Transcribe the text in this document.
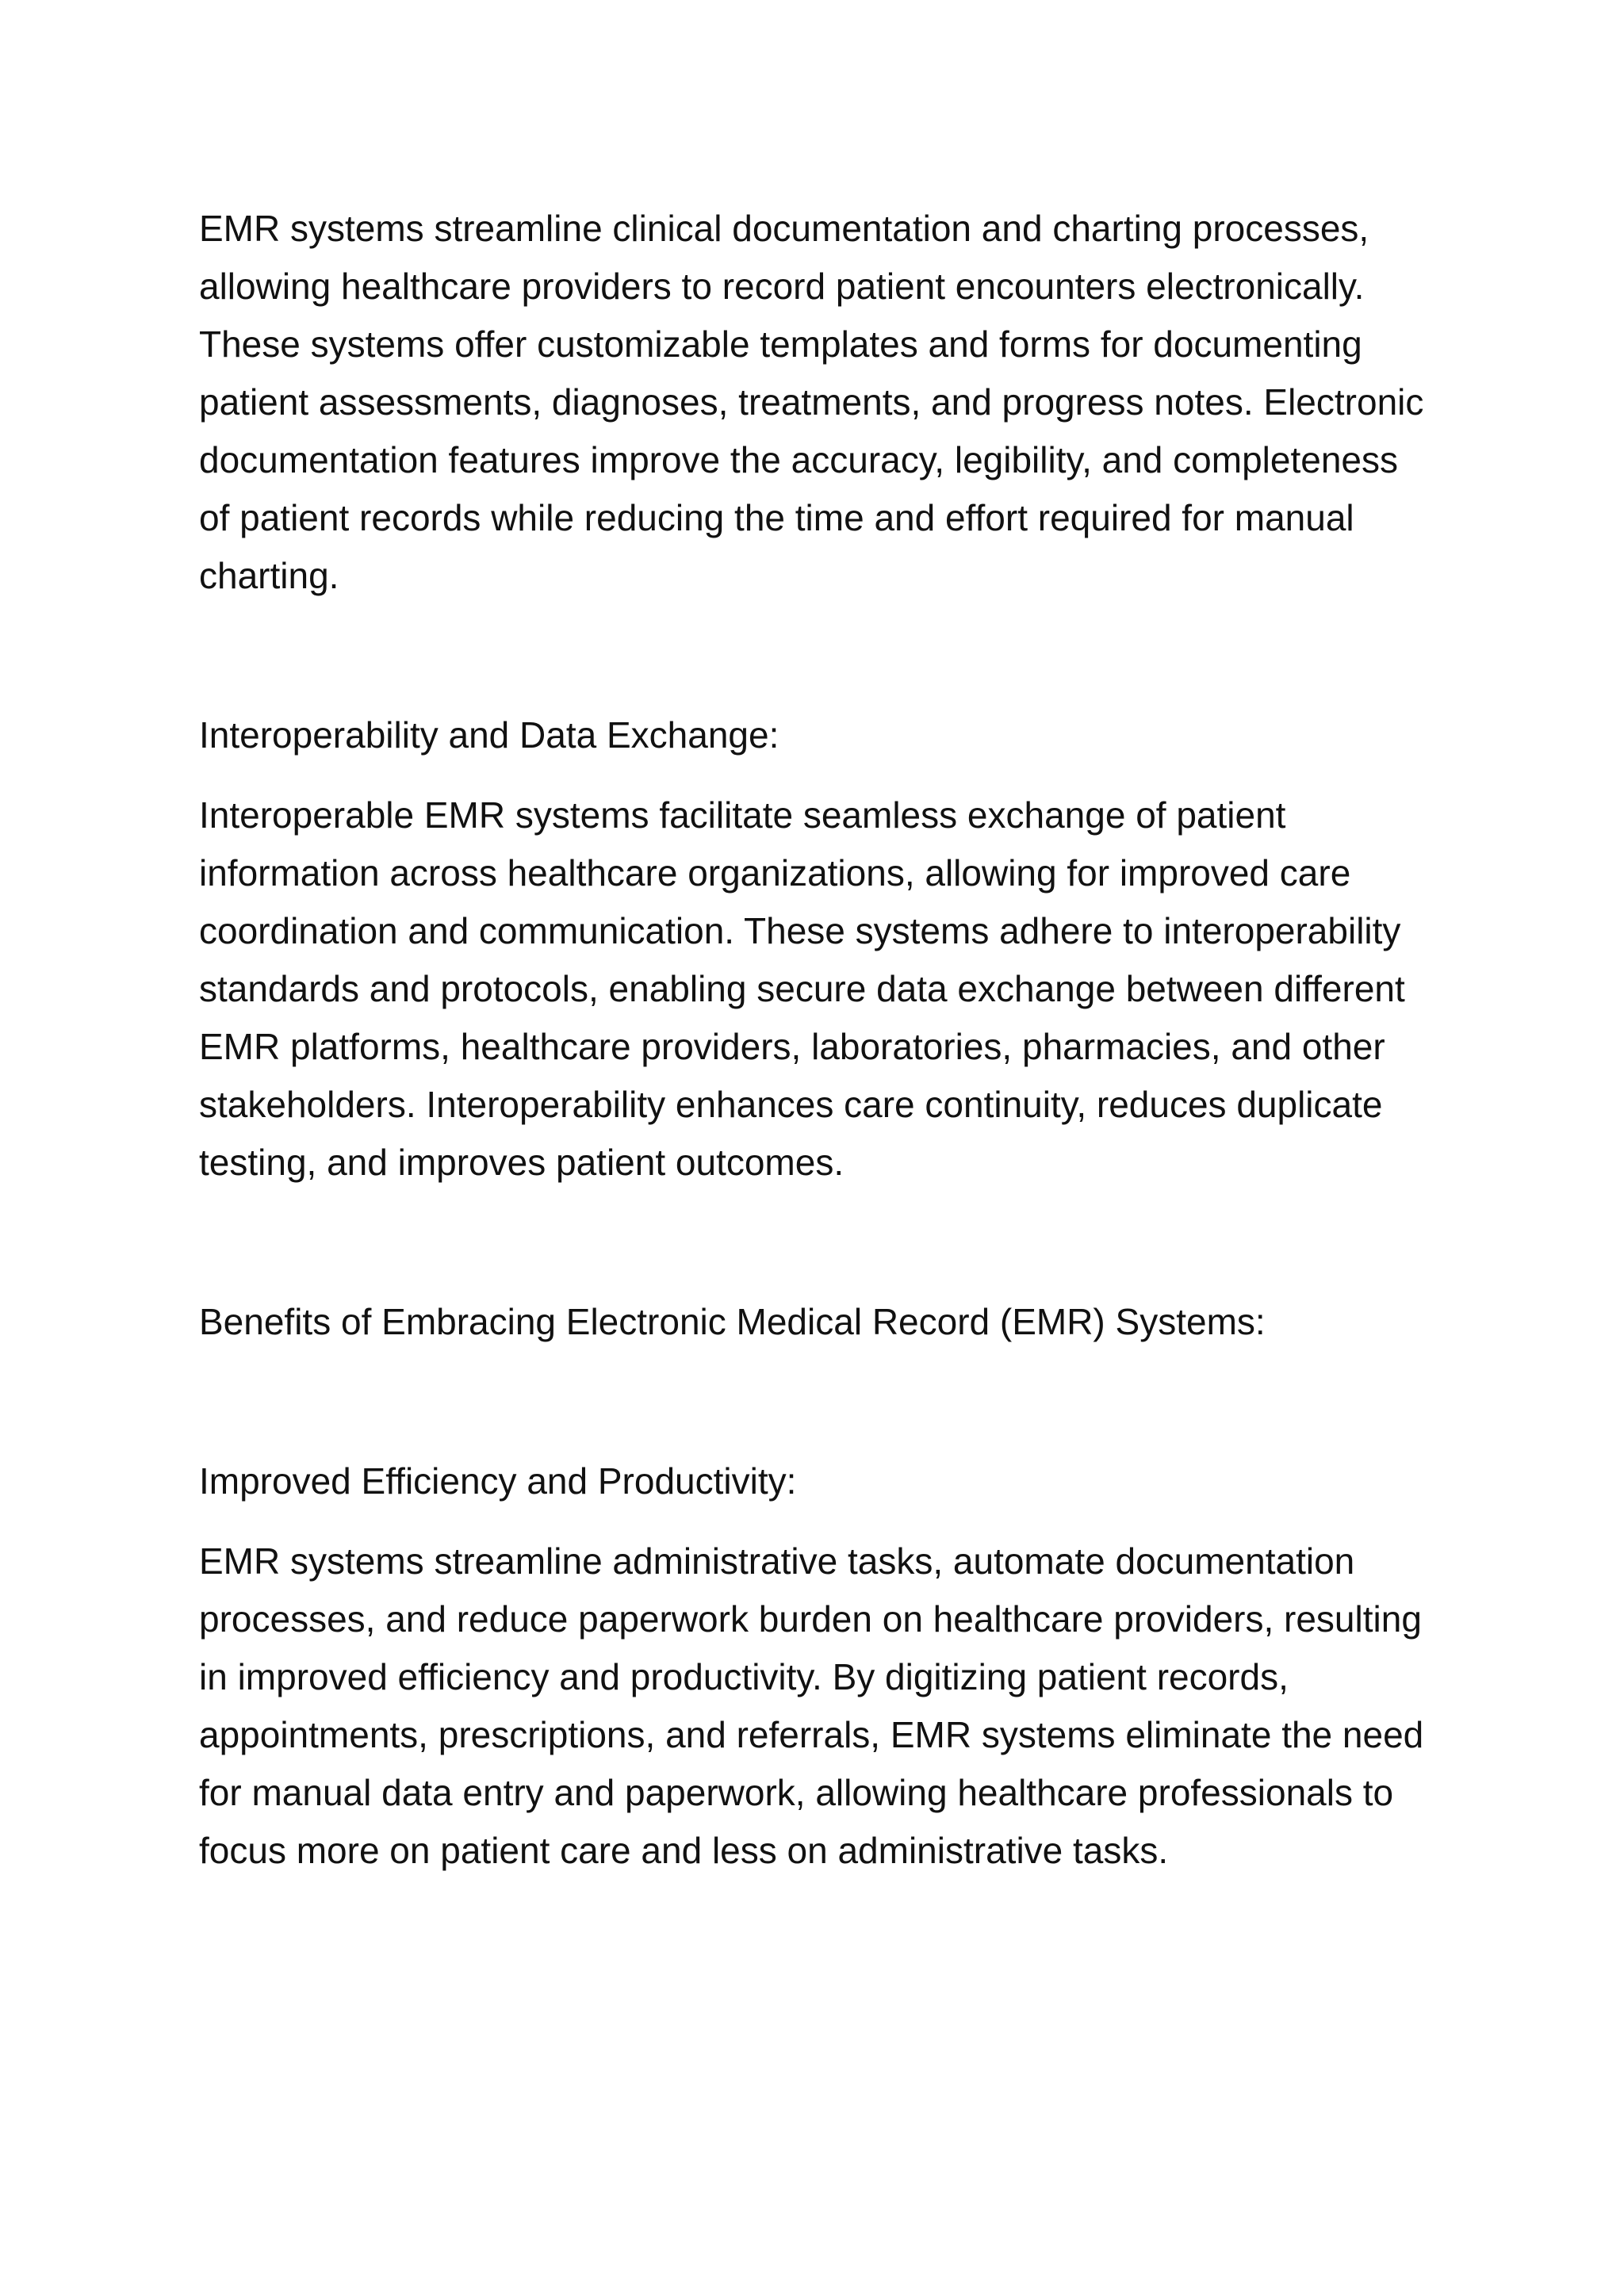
EMR systems streamline clinical documentation and charting processes, allowing healthcare providers to record patient encounters electronically. These systems offer customizable templates and forms for documenting patient assessments, diagnoses, treatments, and progress notes. Electronic documentation features improve the accuracy, legibility, and completeness of patient records while reducing the time and effort required for manual charting.

Interoperability and Data Exchange:

Interoperable EMR systems facilitate seamless exchange of patient information across healthcare organizations, allowing for improved care coordination and communication. These systems adhere to interoperability standards and protocols, enabling secure data exchange between different EMR platforms, healthcare providers, laboratories, pharmacies, and other stakeholders. Interoperability enhances care continuity, reduces duplicate testing, and improves patient outcomes.

Benefits of Embracing Electronic Medical Record (EMR) Systems:

Improved Efficiency and Productivity:

EMR systems streamline administrative tasks, automate documentation processes, and reduce paperwork burden on healthcare providers, resulting in improved efficiency and productivity. By digitizing patient records, appointments, prescriptions, and referrals, EMR systems eliminate the need for manual data entry and paperwork, allowing healthcare professionals to focus more on patient care and less on administrative tasks.
